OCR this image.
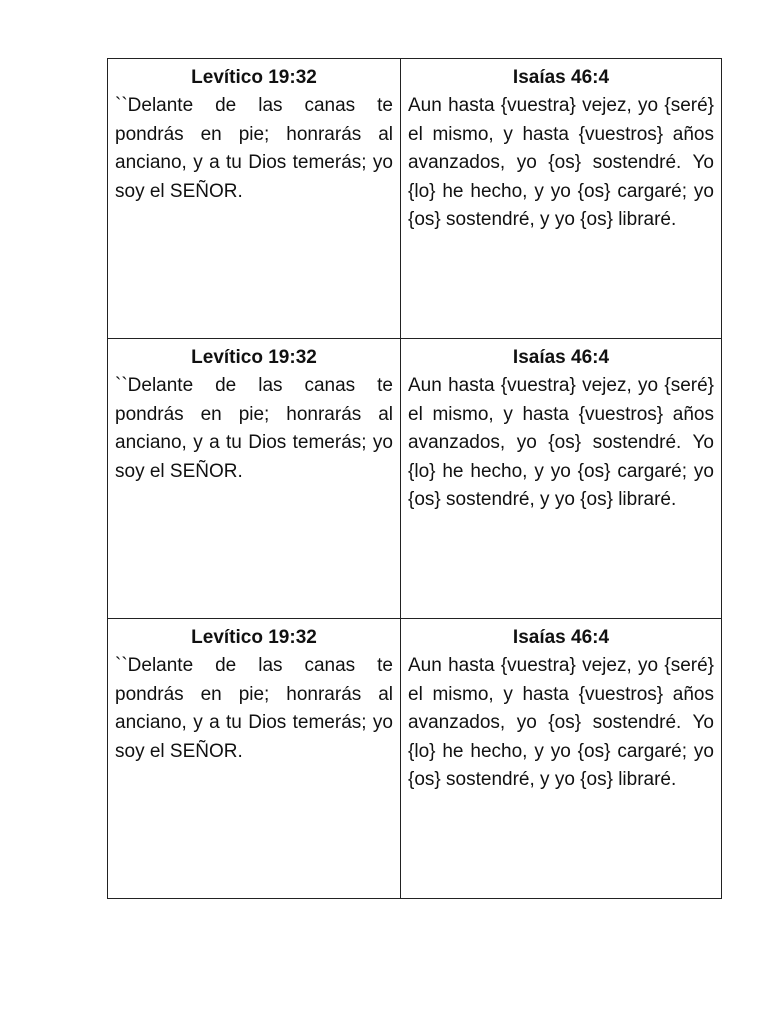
Levítico 19:32
``Delante de las canas te pondrás en pie; honrarás al anciano, y a tu Dios temerás; yo soy el SEÑOR.	Isaías 46:4
Aun hasta {vuestra} vejez, yo {seré} el mismo, y hasta {vuestros} años avanzados, yo {os} sostendré. Yo {lo} he hecho, y yo {os} cargaré; yo {os} sostendré, y yo {os} libraré.

Levítico 19:32
``Delante de las canas te pondrás en pie; honrarás al anciano, y a tu Dios temerás; yo soy el SEÑOR.	Isaías 46:4
Aun hasta {vuestra} vejez, yo {seré} el mismo, y hasta {vuestros} años avanzados, yo {os} sostendré. Yo {lo} he hecho, y yo {os} cargaré; yo {os} sostendré, y yo {os} libraré.

Levítico 19:32
``Delante de las canas te pondrás en pie; honrarás al anciano, y a tu Dios temerás; yo soy el SEÑOR.	Isaías 46:4
Aun hasta {vuestra} vejez, yo {seré} el mismo, y hasta {vuestros} años avanzados, yo {os} sostendré. Yo {lo} he hecho, y yo {os} cargaré; yo {os} sostendré, y yo {os} libraré.
